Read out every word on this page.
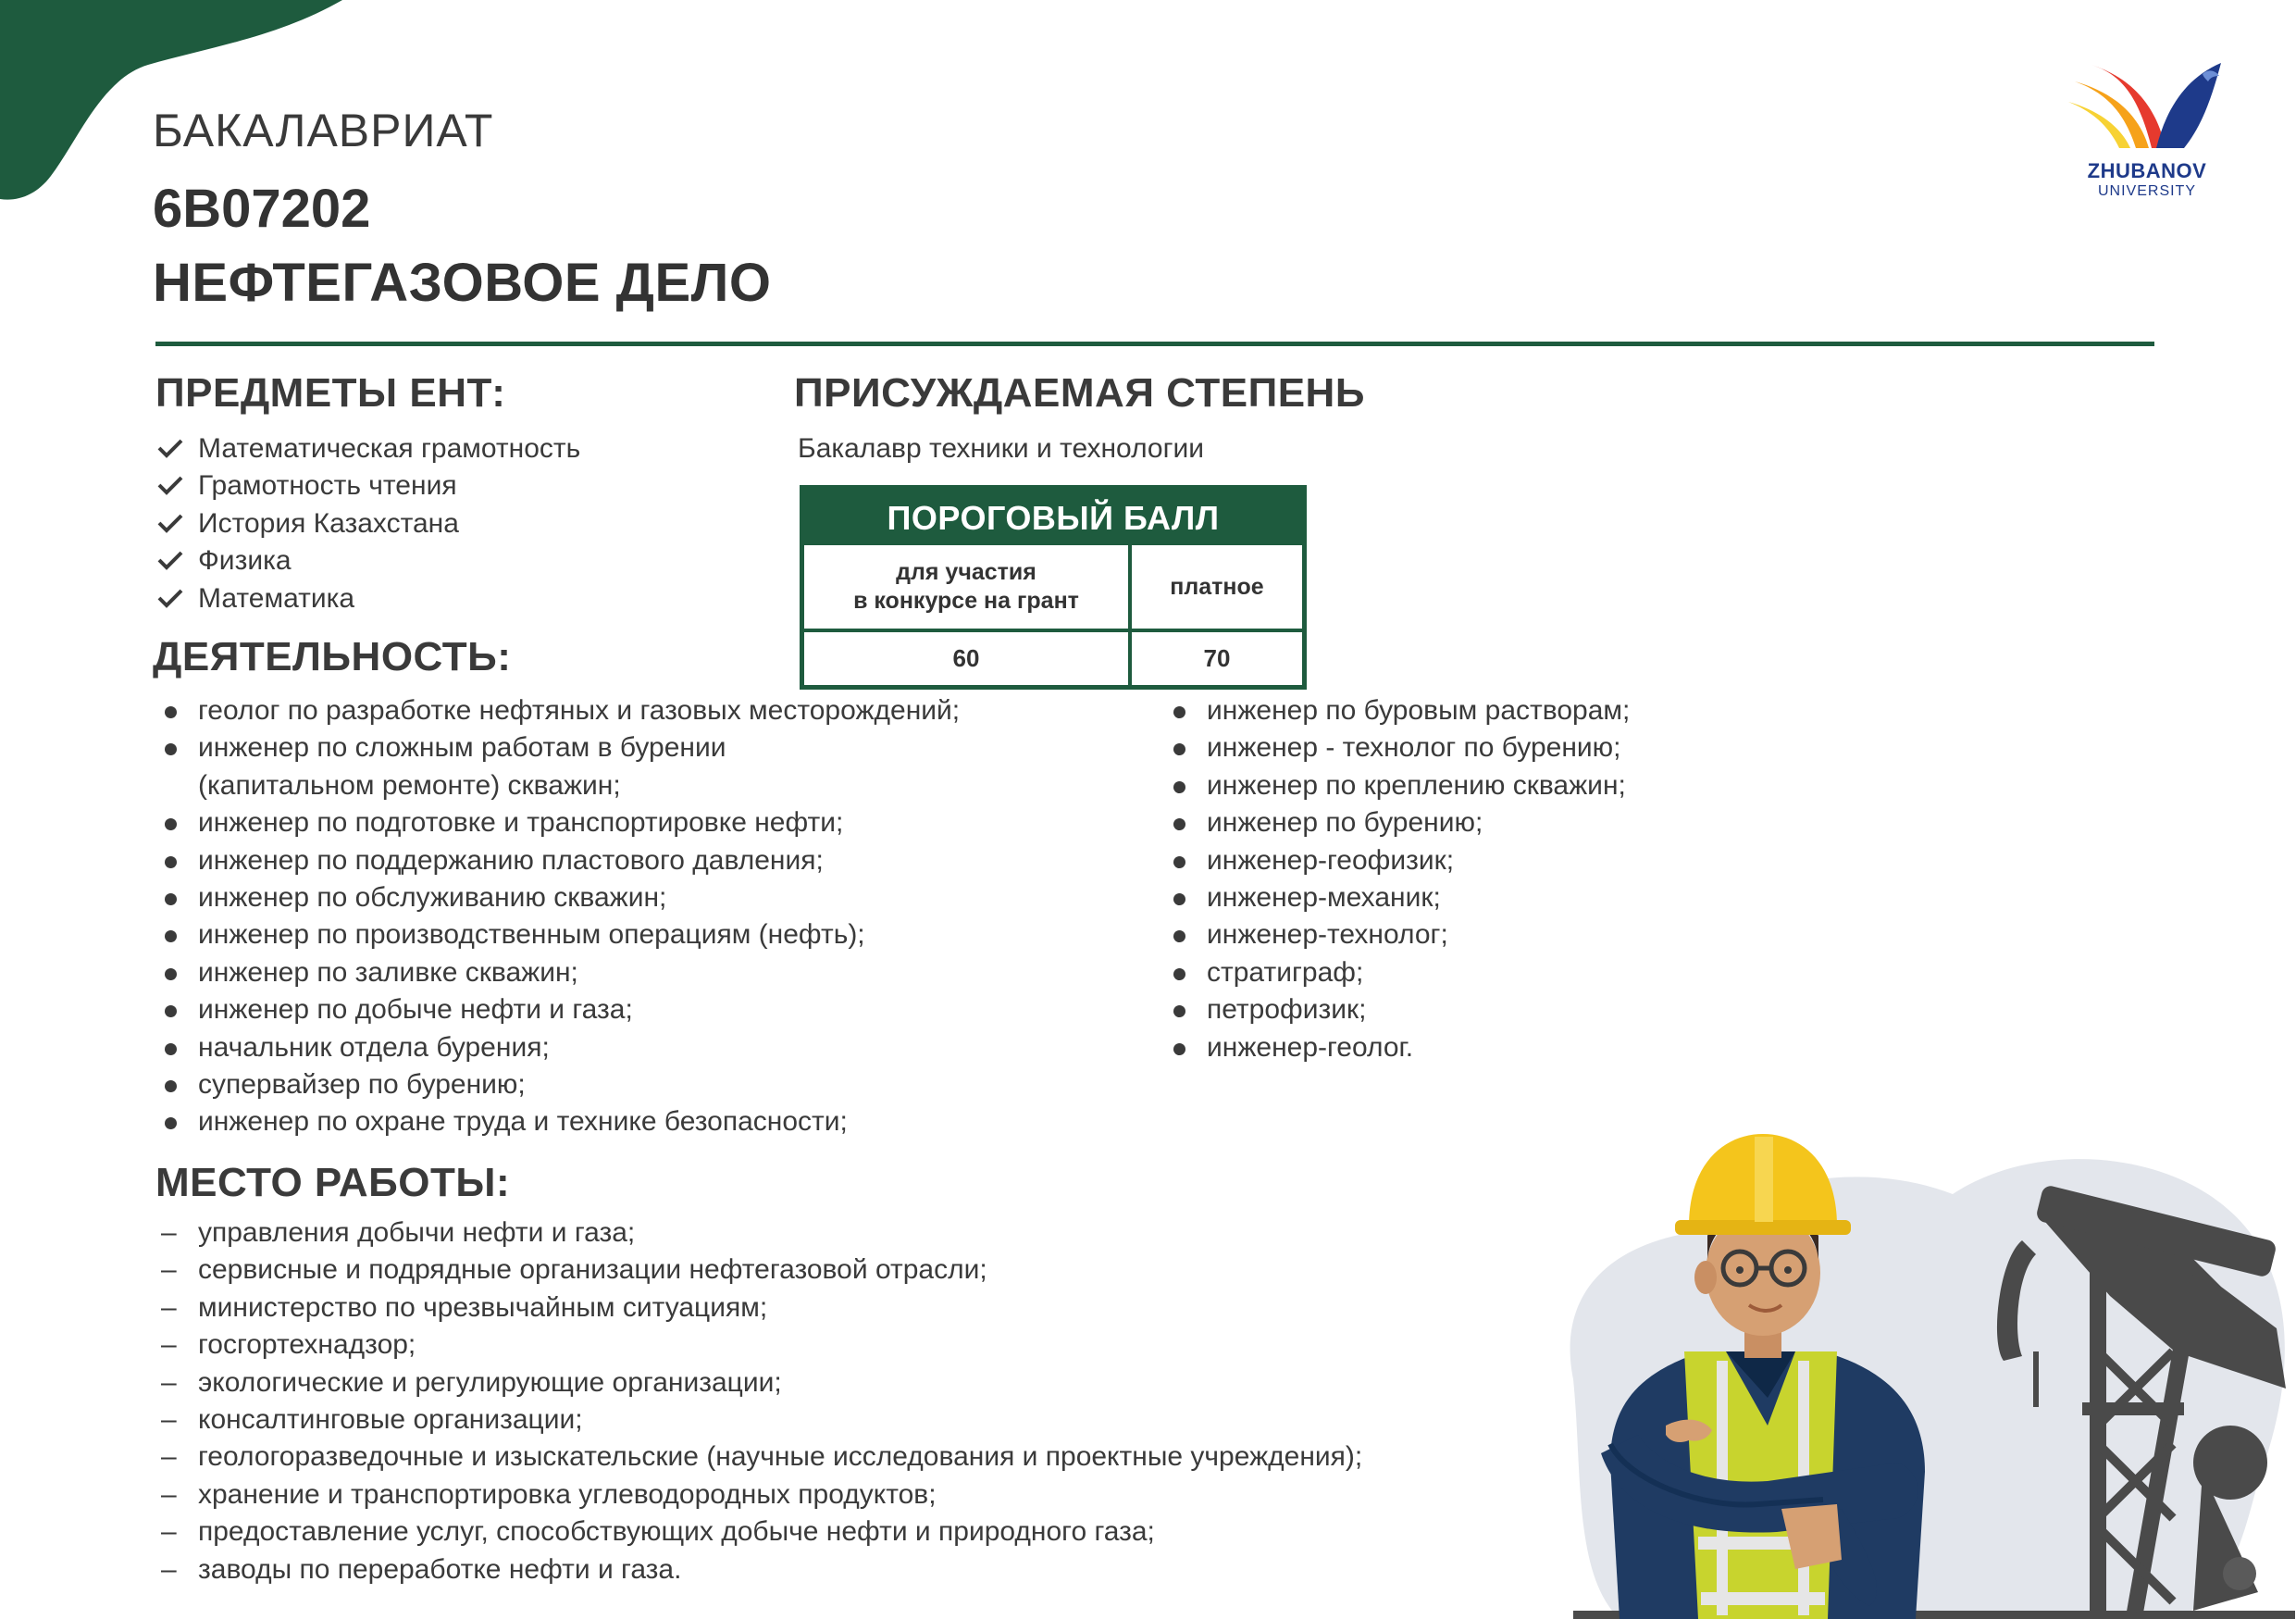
ZHUBANOV
UNIVERSITY
БАКАЛАВРИАТ
6B07202
НЕФТЕГАЗОВОЕ ДЕЛО
ПРЕДМЕТЫ ЕНТ:
Математическая грамотность
Грамотность чтения
История Казахстана
Физика
Математика
ПРИСУЖДАЕМАЯ СТЕПЕНЬ
Бакалавр техники и технологии
ПОРОГОВЫЙ БАЛЛ
для участия
в конкурсе на грант
платное
60	70
ДЕЯТЕЛЬНОСТЬ:
геолог по разработке нефтяных и газовых месторождений;
инженер по сложным работам в бурении
(капитальном ремонте) скважин;
инженер по подготовке и транспортировке нефти;
инженер по поддержанию пластового давления;
инженер по обслуживанию скважин;
инженер по производственным операциям (нефть);
инженер по заливке скважин;
инженер по добыче нефти и газа;
начальник отдела бурения;
супервайзер по бурению;
инженер по охране труда и технике безопасности;
инженер по буровым растворам;
инженер - технолог по бурению;
инженер по креплению скважин;
инженер по бурению;
инженер-геофизик;
инженер-механик;
инженер-технолог;
стратиграф;
петрофизик;
инженер-геолог.
МЕСТО РАБОТЫ:
– управления добычи нефти и газа;
– сервисные и подрядные организации нефтегазовой отрасли;
– министерство по чрезвычайным ситуациям;
– госгортехнадзор;
– экологические и регулирующие организации;
– консалтинговые организации;
– геологоразведочные и изыскательские (научные исследования и проектные учреждения);
– хранение и транспортировка углеводородных продуктов;
– предоставление услуг, способствующих добыче нефти и природного газа;
– заводы по переработке нефти и газа.
